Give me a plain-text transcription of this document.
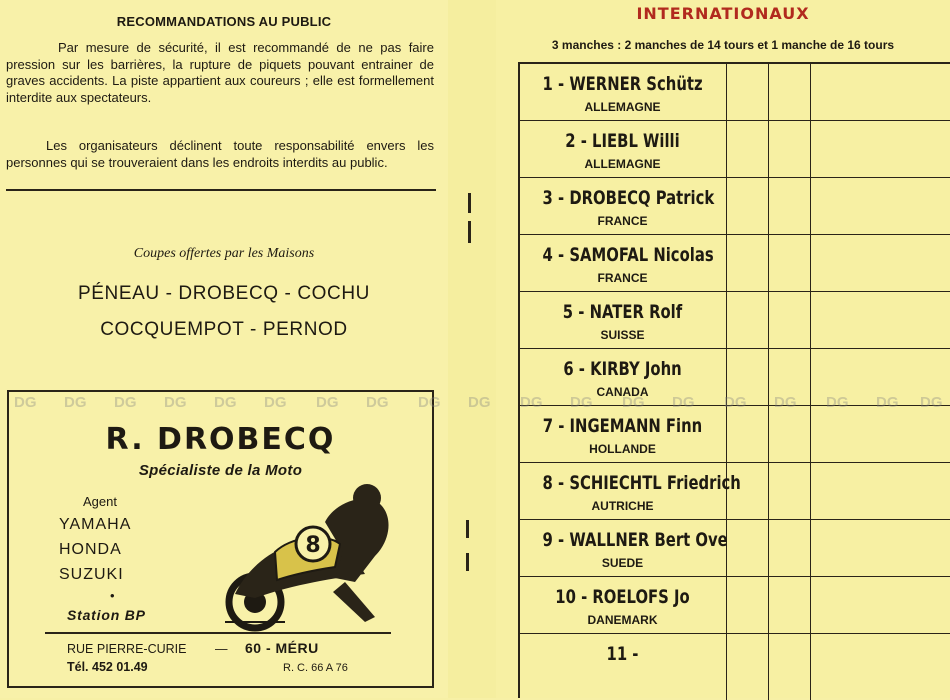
RECOMMANDATIONS AU PUBLIC
Par mesure de sécurité, il est recommandé de ne pas faire pression sur les barrières, la rupture de piquets pouvant entrainer de graves accidents. La piste appartient aux coureurs ; elle est formellement interdite aux spectateurs.
Les organisateurs déclinent toute responsabilité envers les personnes qui se trouveraient dans les endroits interdits au public.
Coupes offertes par les Maisons
PÉNEAU - DROBECQ - COCHU
COCQUEMPOT - PERNOD
R. DROBECQ
Spécialiste de la Moto
Agent
YAMAHA
HONDA
SUZUKI
•
Station BP
8
RUE PIERRE-CURIE — 60 - MÉRU
Tél. 452 01.49	R. C. 66 A 76
INTERNATIONAUX
3 manches : 2 manches de 14 tours et 1 manche de 16 tours
1 - WERNER Schütz
ALLEMAGNE
2 - LIEBL Willi
ALLEMAGNE
3 - DROBECQ Patrick
FRANCE
4 - SAMOFAL Nicolas
FRANCE
5 - NATER Rolf
SUISSE
6 - KIRBY John
CANADA
7 - INGEMANN Finn
HOLLANDE
8 - SCHIECHTL Friedrich
AUTRICHE
9 - WALLNER Bert Ove
SUEDE
10 - ROELOFS Jo
DANEMARK
11 -
DG DG DG DG DG DG DG DG DG DG DG DG DG DG DG DG DG DG DG
